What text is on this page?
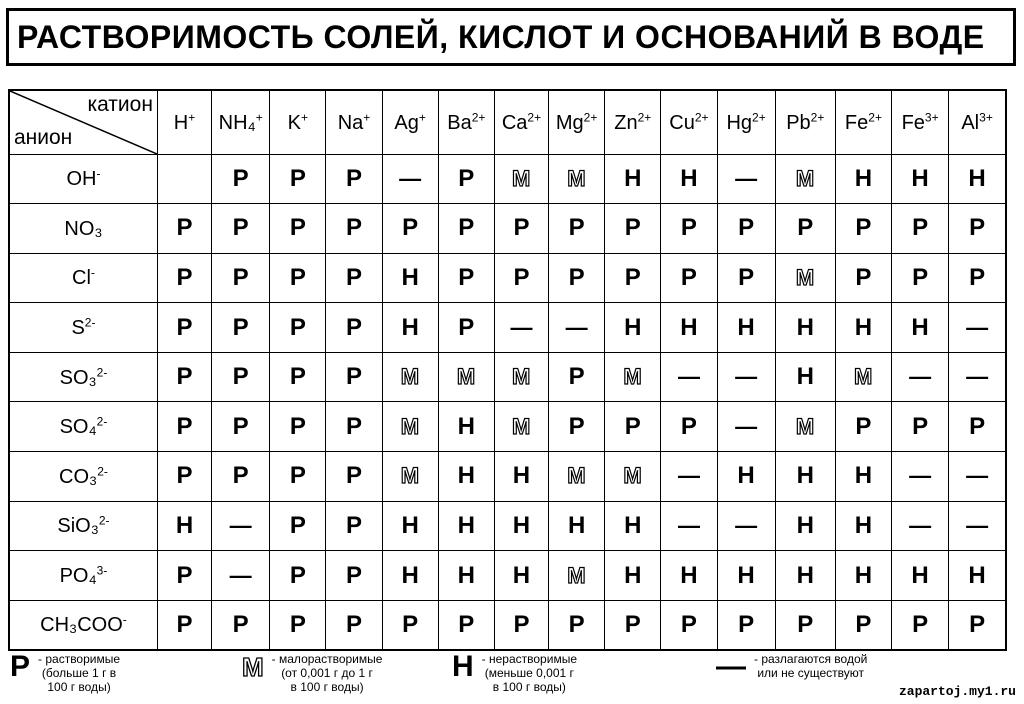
РАСТВОРИМОСТЬ СОЛЕЙ, КИСЛОТ И ОСНОВАНИЙ В ВОДЕ
катион
анион	H+	NH₄+	K+	Na+	Ag+	$Ba^{2+}$	$Ca^{2+}$	$Mg^{2+}$	$Zn^{2+}$	$Cu^{2+}$	$Hg^{2+}$	$Pb^{2+}$	$Fe^{2+}$	$Fe^{3+}$	$Al^{3+}$
OH-		Р	Р	Р	—	Р	М	М	Н	Н	—	М	Н	Н	Н
NO₃	Р	Р	Р	Р	Р	Р	Р	Р	Р	Р	Р	Р	Р	Р	Р
Cl-	Р	Р	Р	Р	Н	Р	Р	Р	Р	Р	Р	М	Р	Р	Р
$S^{2-}$	Р	Р	Р	Р	Н	Р	—	—	Н	Н	Н	Н	Н	Н	—
SO₃$^{2-}$	Р	Р	Р	Р	М	М	М	Р	М	—	—	Н	М	—	—
SO₄$^{2-}$	Р	Р	Р	Р	М	Н	М	Р	Р	Р	—	М	Р	Р	Р
CO₃$^{2-}$	Р	Р	Р	Р	М	Н	Н	М	М	—	Н	Н	Н	—	—
SiO₃$^{2-}$	Н	—	Р	Р	Н	Н	Н	Н	Н	—	—	Н	Н	—	—
PO₄$^{3-}$	Р	—	Р	Р	Н	Н	Н	М	Н	Н	Н	Н	Н	Н	Н
CH₃COO-	Р	Р	Р	Р	Р	Р	Р	Р	Р	Р	Р	Р	Р	Р	Р
Р - растворимые
(больше 1 г в
100 г воды)
М - малорастворимые
(от 0,001 г до 1 г
в 100 г воды)
Н - нерастворимые
(меньше 0,001 г
в 100 г воды)
— - разлагаются водой
или не существуют
zapartoj.my1.ru
